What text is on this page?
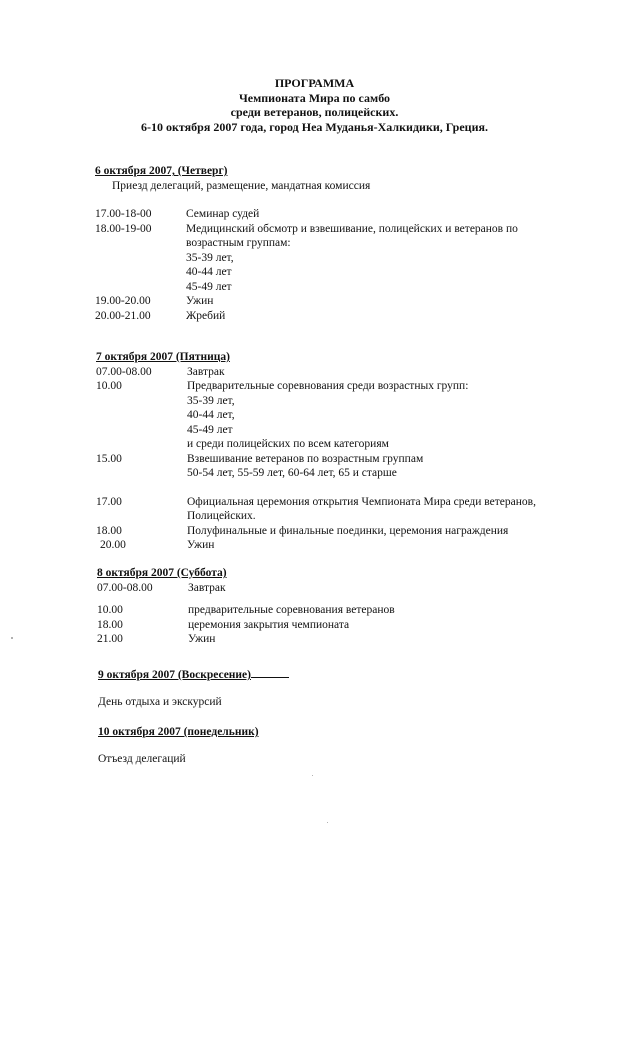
ПРОГРАММА
Чемпионата Мира по самбо
среди ветеранов, полицейских.
6-10 октября 2007 года, город Неа Муданья-Халкидики, Греция.
6 октября 2007, (Четверг)
Приезд делегаций, размещение, мандатная комиссия
17.00-18-00	Семинар судей
18.00-19-00	Медицинский обсмотр и взвешивание, полицейских и ветеранов по
возрастным группам:
35-39 лет,
40-44 лет
45-49 лет
19.00-20.00	Ужин
20.00-21.00	Жребий
7 октября 2007 (Пятница)
07.00-08.00	Завтрак
10.00	Предварительные соревнования среди возрастных групп:
35-39 лет,
40-44 лет,
45-49 лет
и среди полицейских по всем категориям
15.00	Взвешивание ветеранов по возрастным группам
50-54 лет, 55-59 лет, 60-64 лет, 65 и старше
17.00	Официальная церемония открытия Чемпионата Мира среди ветеранов,
Полицейских.
18.00	Полуфинальные и финальные поединки, церемония награждения
20.00	Ужин
8 октября 2007 (Суббота)
07.00-08.00	Завтрак
10.00	предварительные соревнования ветеранов
18.00	церемония закрытия чемпионата
21.00	Ужин
9 октября 2007 (Воскресение)
День отдыха и экскурсий
10 октября 2007 (понедельник)
Отъезд делегаций
